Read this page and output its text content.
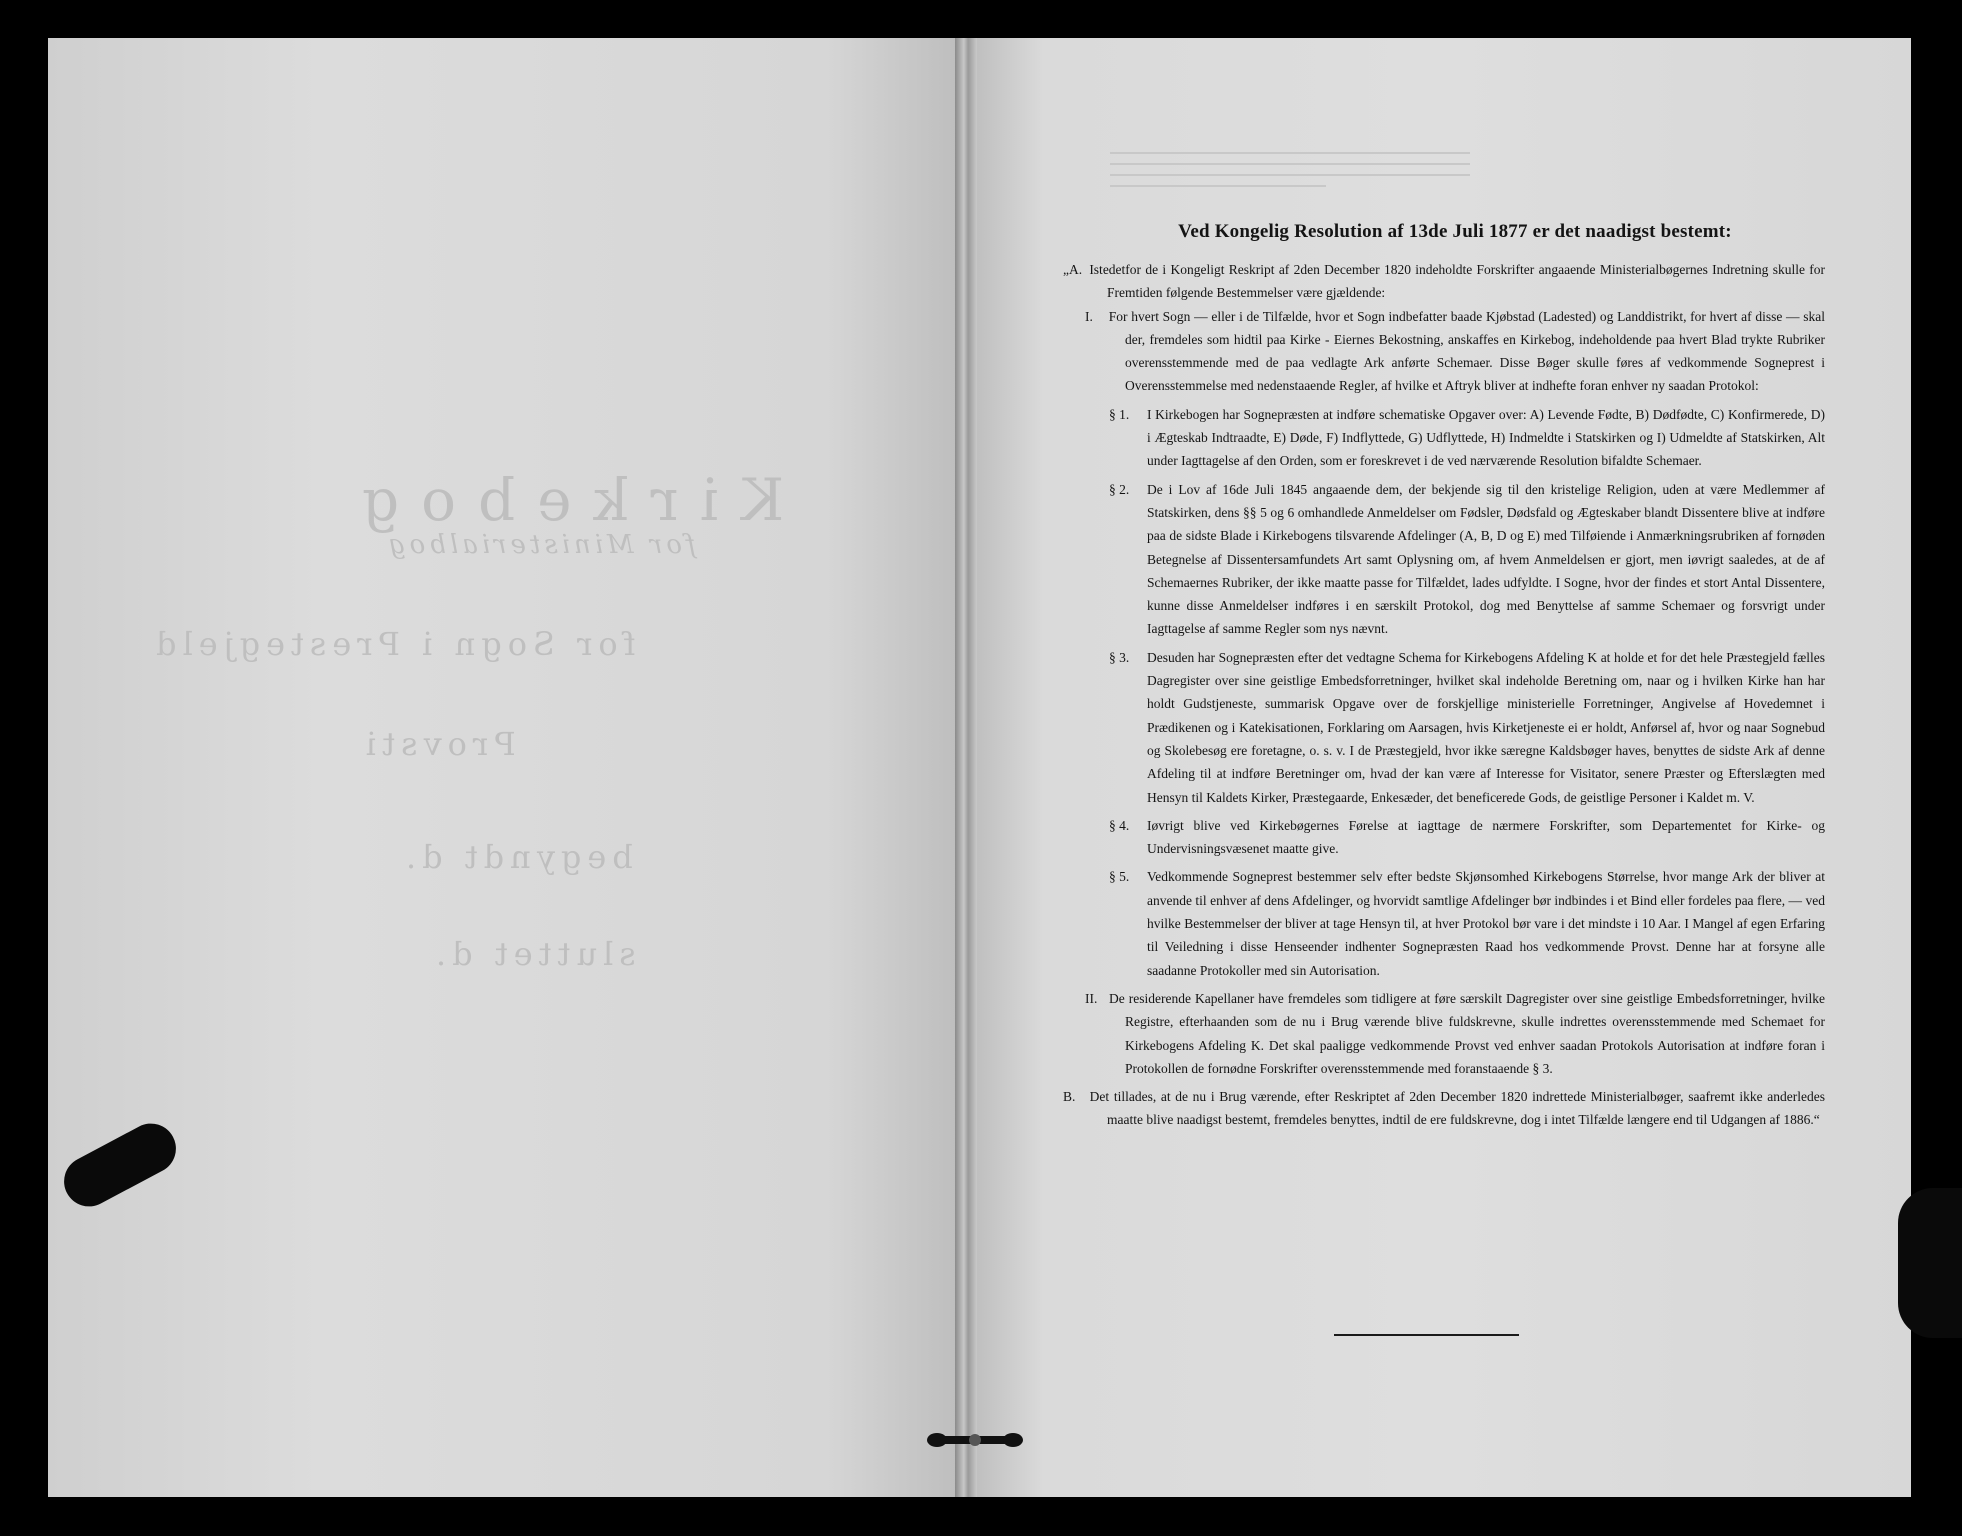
Kirkebog
for Ministerialbog
for Sogn i Prestegjeld
Provsti
begyndt d.
sluttet d.
Ved Kongelig Resolution af 13de Juli 1877 er det naadigst bestemt:

Istedetfor de i Kongeligt Reskript af 2den December 1820 indeholdte Forskrifter angaaende Ministerialbøgernes Indretning skulle for Fremtiden følgende Bestemmelser være gjældende:

I. For hvert Sogn — eller i de Tilfælde, hvor et Sogn indbefatter baade Kjøbstad (Ladested) og Landdistrikt, for hvert af disse — skal der, fremdeles som hidtil paa Kirke - Eiernes Bekostning, anskaffes en Kirkebog, indeholdende paa hvert Blad trykte Rubriker overensstemmende med de paa vedlagte Ark anførte Schemaer. Disse Bøger skulle føres af vedkommende Sogneprest i Overensstemmelse med nedenstaaende Regler, af hvilke et Aftryk bliver at indhefte foran enhver ny saadan Protokol:

§ 1. I Kirkebogen har Sognepræsten at indføre schematiske Opgaver over: A) Levende Fødte, B) Dødfødte, C) Konfirmerede, D) i Ægteskab Indtraadte, E) Døde, F) Indflyttede, G) Udflyttede, H) Indmeldte i Statskirken og I) Udmeldte af Statskirken, Alt under Iagttagelse af den Orden, som er foreskrevet i de ved nærværende Resolution bifaldte Schemaer.

§ 2. De i Lov af 16de Juli 1845 angaaende dem, der bekjende sig til den kristelige Religion, uden at være Medlemmer af Statskirken, dens §§ 5 og 6 omhandlede Anmeldelser om Fødsler, Dødsfald og Ægteskaber blandt Dissentere blive at indføre paa de sidste Blade i Kirkebogens tilsvarende Afdelinger (A, B, D og E) med Tilføiende i Anmærkningsrubriken af fornøden Betegnelse af Dissentersamfundets Art samt Oplysning om, af hvem Anmeldelsen er gjort, men iøvrigt saaledes, at de af Schemaernes Rubriker, der ikke maatte passe for Tilfældet, lades udfyldte. I Sogne, hvor der findes et stort Antal Dissentere, kunne disse Anmeldelser indføres i en særskilt Protokol, dog med Benyttelse af samme Schemaer og forsvrigt under Iagttagelse af samme Regler som nys nævnt.

§ 3. Desuden har Sognepræsten efter det vedtagne Schema for Kirkebogens Afdeling K at holde et for det hele Præstegjeld fælles Dagregister over sine geistlige Embedsforretninger, hvilket skal indeholde Beretning om, naar og i hvilken Kirke han har holdt Gudstjeneste, summarisk Opgave over de forskjellige ministerielle Forretninger, Angivelse af Hovedemnet i Prædikenen og i Katekisationen, Forklaring om Aarsagen, hvis Kirketjeneste ei er holdt, Anførsel af, hvor og naar Sognebud og Skolebesøg ere foretagne, o. s. v. I de Præstegjeld, hvor ikke særegne Kaldsbøger haves, benyttes de sidste Ark af denne Afdeling til at indføre Beretninger om, hvad der kan være af Interesse for Visitator, senere Præster og Efterslægten med Hensyn til Kaldets Kirker, Præstegaarde, Enkesæder, det beneficerede Gods, de geistlige Personer i Kaldet m. V.

§ 4. Iøvrigt blive ved Kirkebøgernes Førelse at iagttage de nærmere Forskrifter, som Departementet for Kirke- og Undervisningsvæsenet maatte give.

§ 5. Vedkommende Sogneprest bestemmer selv efter bedste Skjønsomhed Kirkebogens Størrelse, hvor mange Ark der bliver at anvende til enhver af dens Afdelinger, og hvorvidt samtlige Afdelinger bør indbindes i et Bind eller fordeles paa flere, — ved hvilke Bestemmelser der bliver at tage Hensyn til, at hver Protokol bør vare i det mindste i 10 Aar. I Mangel af egen Erfaring til Veiledning i disse Henseender indhenter Sognepræsten Raad hos vedkommende Provst. Denne har at forsyne alle saadanne Protokoller med sin Autorisation.

II. De residerende Kapellaner have fremdeles som tidligere at føre særskilt Dagregister over sine geistlige Embedsforretninger, hvilke Registre, efterhaanden som de nu i Brug værende blive fuldskrevne, skulle indrettes overensstemmende med Schemaet for Kirkebogens Afdeling K. Det skal paaligge vedkommende Provst ved enhver saadan Protokols Autorisation at indføre foran i Protokollen de fornødne Forskrifter overensstemmende med foranstaaende § 3.

Det tillades, at de nu i Brug værende, efter Reskriptet af 2den December 1820 indrettede Ministerialbøger, saafremt ikke anderledes maatte blive naadigst bestemt, fremdeles benyttes, indtil de ere fuldskrevne, dog i intet Tilfælde længere end til Udgangen af 1886.“
